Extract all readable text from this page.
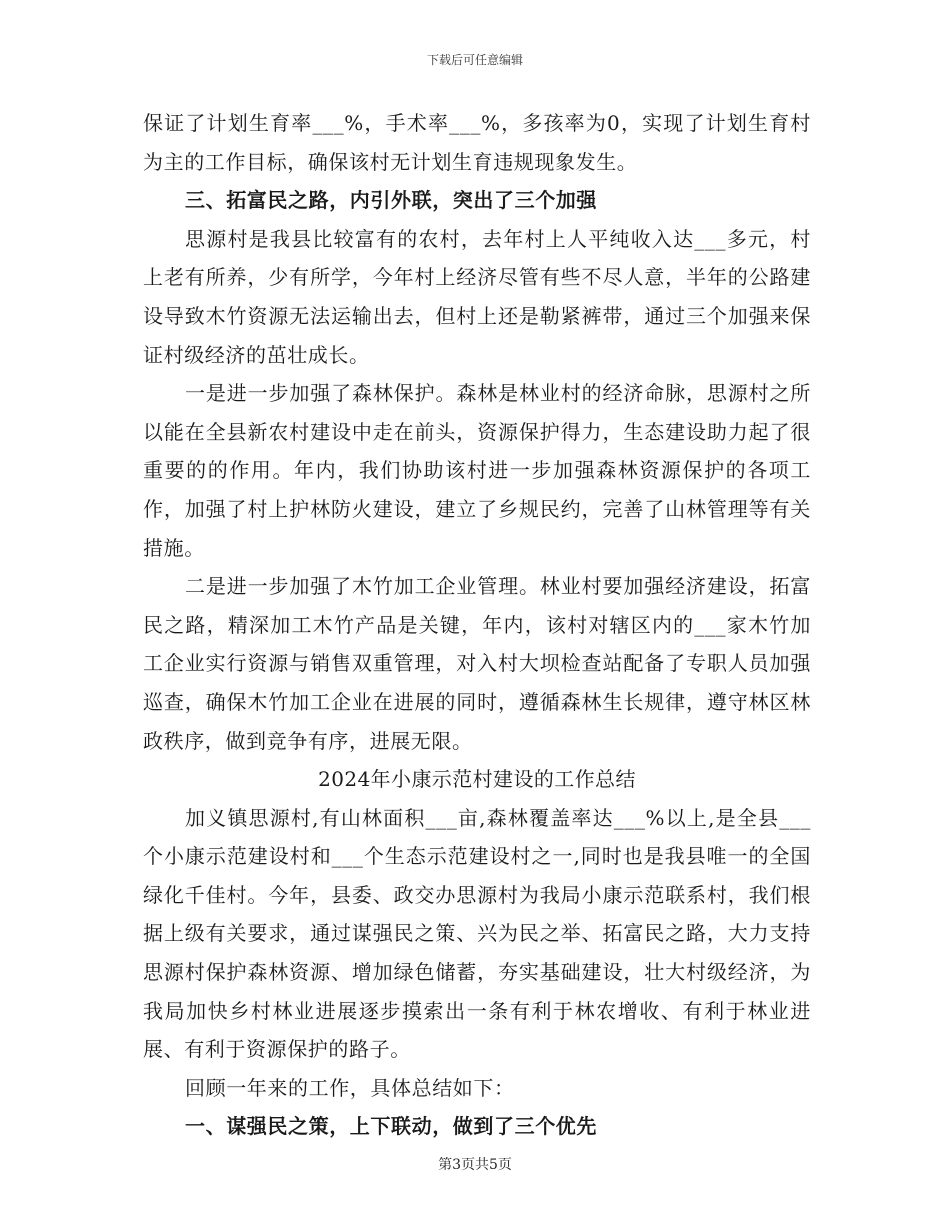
下载后可任意编辑

保证了计划生育率___%，手术率___%，多孩率为0，实现了计划生育村为主的工作目标，确保该村无计划生育违规现象发生。

三、拓富民之路，内引外联，突出了三个加强

思源村是我县比较富有的农村，去年村上人平纯收入达___多元，村上老有所养，少有所学，今年村上经济尽管有些不尽人意，半年的公路建设导致木竹资源无法运输出去，但村上还是勒紧裤带，通过三个加强来保证村级经济的茁壮成长。

一是进一步加强了森林保护。森林是林业村的经济命脉，思源村之所以能在全县新农村建设中走在前头，资源保护得力，生态建设助力起了很重要的的作用。年内，我们协助该村进一步加强森林资源保护的各项工作，加强了村上护林防火建设，建立了乡规民约，完善了山林管理等有关措施。

二是进一步加强了木竹加工企业管理。林业村要加强经济建设，拓富民之路，精深加工木竹产品是关键，年内，该村对辖区内的___家木竹加工企业实行资源与销售双重管理，对入村大坝检查站配备了专职人员加强巡查，确保木竹加工企业在进展的同时，遵循森林生长规律，遵守林区林政秩序，做到竞争有序，进展无限。

2024年小康示范村建设的工作总结

加义镇思源村,有山林面积___亩,森林覆盖率达___%以上,是全县___个小康示范建设村和___个生态示范建设村之一,同时也是我县唯一的全国绿化千佳村。今年，县委、政交办思源村为我局小康示范联系村，我们根据上级有关要求，通过谋强民之策、兴为民之举、拓富民之路，大力支持思源村保护森林资源、增加绿色储蓄，夯实基础建设，壮大村级经济，为我局加快乡村林业进展逐步摸索出一条有利于林农增收、有利于林业进展、有利于资源保护的路子。

回顾一年来的工作，具体总结如下：

一、谋强民之策，上下联动，做到了三个优先

第3页共5页
